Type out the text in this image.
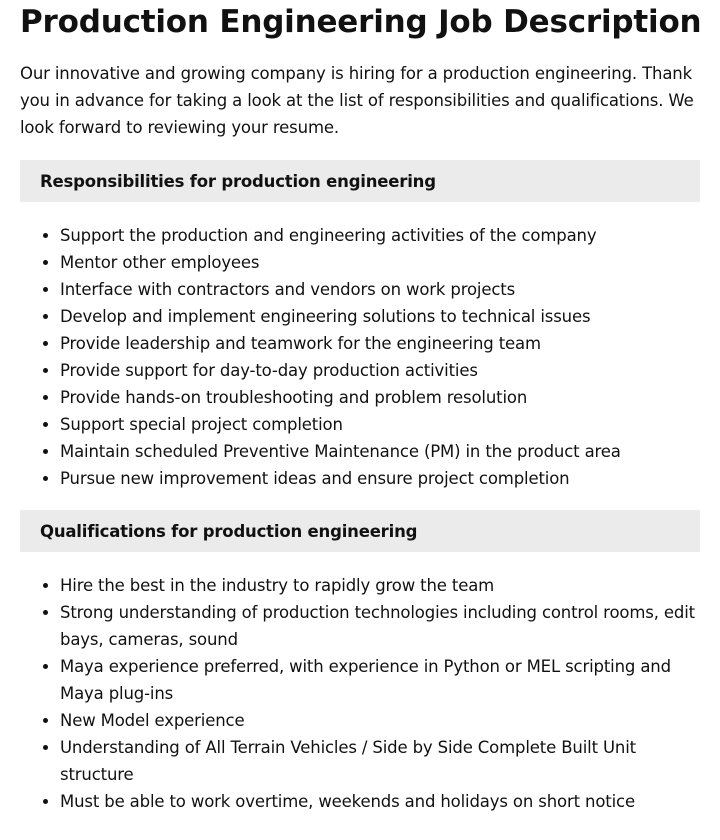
Production Engineering Job Description

Our innovative and growing company is hiring for a production engineering. Thank you in advance for taking a look at the list of responsibilities and qualifications. We look forward to reviewing your resume.

Responsibilities for production engineering
• Support the production and engineering activities of the company
• Mentor other employees
• Interface with contractors and vendors on work projects
• Develop and implement engineering solutions to technical issues
• Provide leadership and teamwork for the engineering team
• Provide support for day-to-day production activities
• Provide hands-on troubleshooting and problem resolution
• Support special project completion
• Maintain scheduled Preventive Maintenance (PM) in the product area
• Pursue new improvement ideas and ensure project completion
Qualifications for production engineering
• Hire the best in the industry to rapidly grow the team
• Strong understanding of production technologies including control rooms, edit bays, cameras, sound
• Maya experience preferred, with experience in Python or MEL scripting and Maya plug-ins
• New Model experience
• Understanding of All Terrain Vehicles / Side by Side Complete Built Unit structure
• Must be able to work overtime, weekends and holidays on short notice
